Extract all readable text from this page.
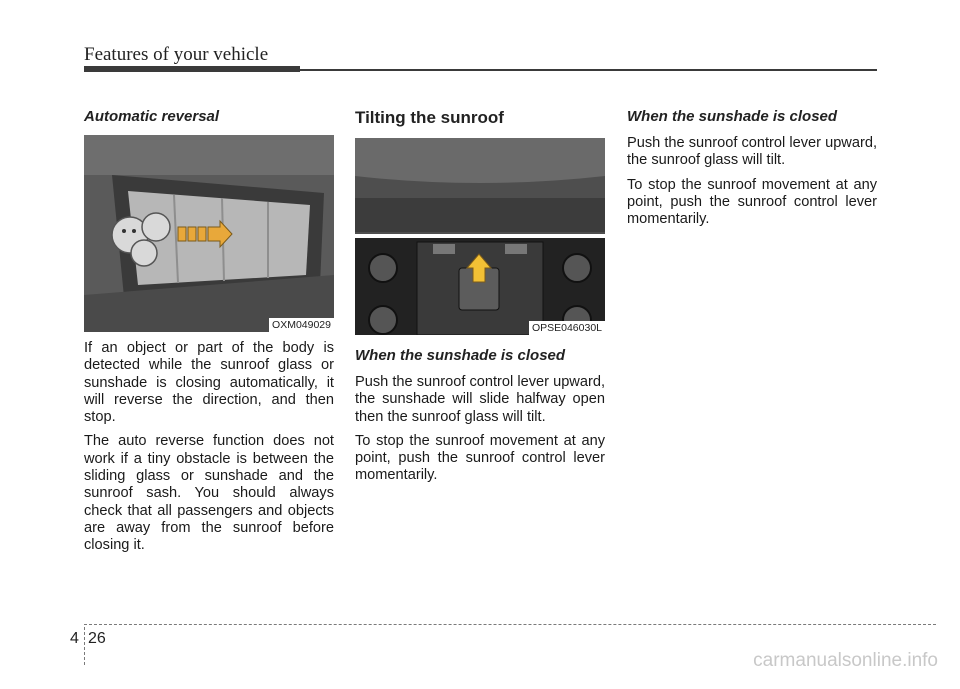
Features of your vehicle
Automatic reversal
OXM049029

If an object or part of the body is detected while the sunroof glass or sunshade is closing automatically, it will reverse the direction, and then stop.

The auto reverse function does not work if a tiny obstacle is between the sliding glass or sunshade and the sunroof sash. You should always check that all passengers and objects are away from the sunroof before closing it.

Tilting the sunroof
OPSE046030L
When the sunshade is closed

Push the sunroof control lever upward, the sunshade will slide halfway open then the sunroof glass will tilt.

To stop the sunroof movement at any point, push the sunroof control lever momentarily.

When the sunshade is closed

Push the sunroof control lever upward, the sunroof glass will tilt.

To stop the sunroof movement at any point, push the sunroof control lever momentarily.

4 26
carmanualsonline.info
